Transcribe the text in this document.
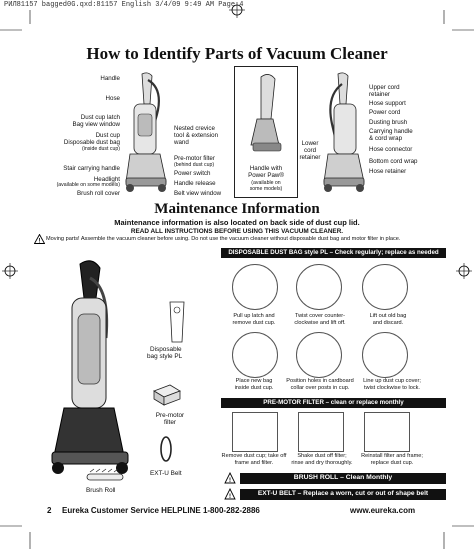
PИЛ81157 bagged0G.qxd:81157 English 3/4/09 9:49 AM Page 4
How to Identify Parts of Vacuum Cleaner
Handle
Hose
Dust cup latch
Bag view window
Dust cup
Disposable dust bag
(inside dust cup)
Stair carrying handle
Headlight
(available on some models)
Brush roll cover
Nested crevice
tool & extension
wand
Pre-motor filter
(behind dust cup)
Power switch
Handle release
Belt view window
Handle with
Power Paw®
(available on
some models)
Upper cord
retainer
Hose support
Power cord
Dusting brush
Carrying handle
& cord wrap
Hose connector
Bottom cord wrap
Hose retainer
Lower
cord
retainer
Maintenance Information
Maintenance information is also located on back side of dust cup lid.
READ ALL INSTRUCTIONS BEFORE USING THIS VACUUM CLEANER.
! Moving parts! Assemble the vacuum cleaner before using. Do not use the vacuum cleaner without disposable dust bag and motor filter in place.
Disposable
bag style PL
Pre-motor
filter
EXT-U Belt
Brush Roll
DISPOSABLE DUST BAG style PL – Check regularly; replace as needed
Pull up latch and
remove dust cup.
Twist cover counter-
clockwise and lift off.
Lift out old bag
and discard.
Place new bag
inside dust cup.
Position holes in cardboard
collar over posts in cup.
Line up dust cup cover;
twist clockwise to lock.
PRE-MOTOR FILTER – clean or replace monthly
Remove dust cup; take off
frame and filter.
Shake dust off filter;
rinse and dry thoroughly.
Reinstall filter and frame;
replace dust cup.
!	BRUSH ROLL – Clean Monthly
!	EXT-U BELT – Replace a worn, cut or out of shape belt
2 Eureka Customer Service HELPLINE 1-800-282-2886	www.eureka.com
